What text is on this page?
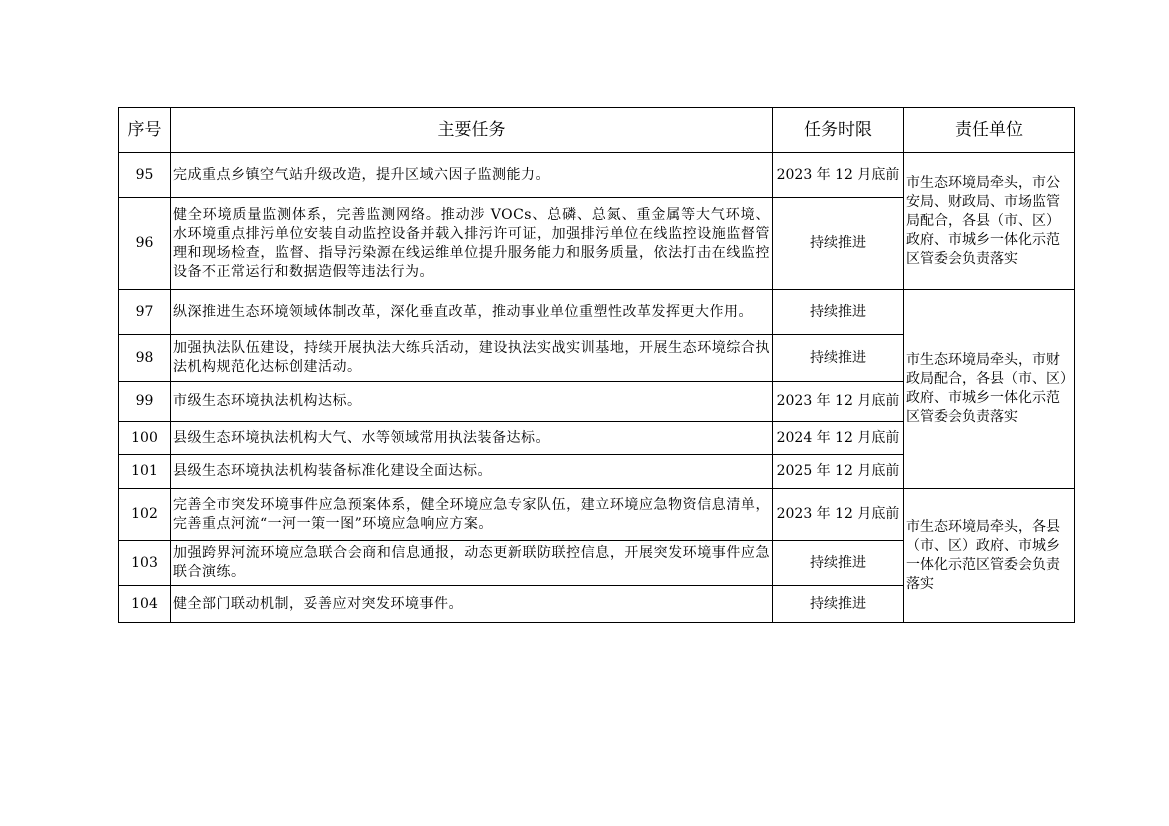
序号	主要任务	任务时限	责任单位
95	完成重点乡镇空气站升级改造，提升区域六因子监测能力。	2023 年 12 月底前	市生态环境局牵头，市公安局、财政局、市场监管局配合，各县（市、区）政府、市城乡一体化示范区管委会负责落实
96	健全环境质量监测体系，完善监测网络。推动涉 VOCs、总磷、总氮、重金属等大气环境、水环境重点排污单位安装自动监控设备并载入排污许可证，加强排污单位在线监控设施监督管理和现场检查，监督、指导污染源在线运维单位提升服务能力和服务质量，依法打击在线监控设备不正常运行和数据造假等违法行为。	持续推进	
97	纵深推进生态环境领域体制改革，深化垂直改革，推动事业单位重塑性改革发挥更大作用。	持续推进	市生态环境局牵头，市财政局配合，各县（市、区）政府、市城乡一体化示范区管委会负责落实
98	加强执法队伍建设，持续开展执法大练兵活动，建设执法实战实训基地，开展生态环境综合执法机构规范化达标创建活动。	持续推进	
99	市级生态环境执法机构达标。	2023 年 12 月底前	
100	县级生态环境执法机构大气、水等领域常用执法装备达标。	2024 年 12 月底前	
101	县级生态环境执法机构装备标准化建设全面达标。	2025 年 12 月底前	
102	完善全市突发环境事件应急预案体系，健全环境应急专家队伍，建立环境应急物资信息清单，完善重点河流“一河一策一图”环境应急响应方案。	2023 年 12 月底前	市生态环境局牵头，各县（市、区）政府、市城乡一体化示范区管委会负责落实
103	加强跨界河流环境应急联合会商和信息通报，动态更新联防联控信息，开展突发环境事件应急联合演练。	持续推进	
104	健全部门联动机制，妥善应对突发环境事件。	持续推进	
